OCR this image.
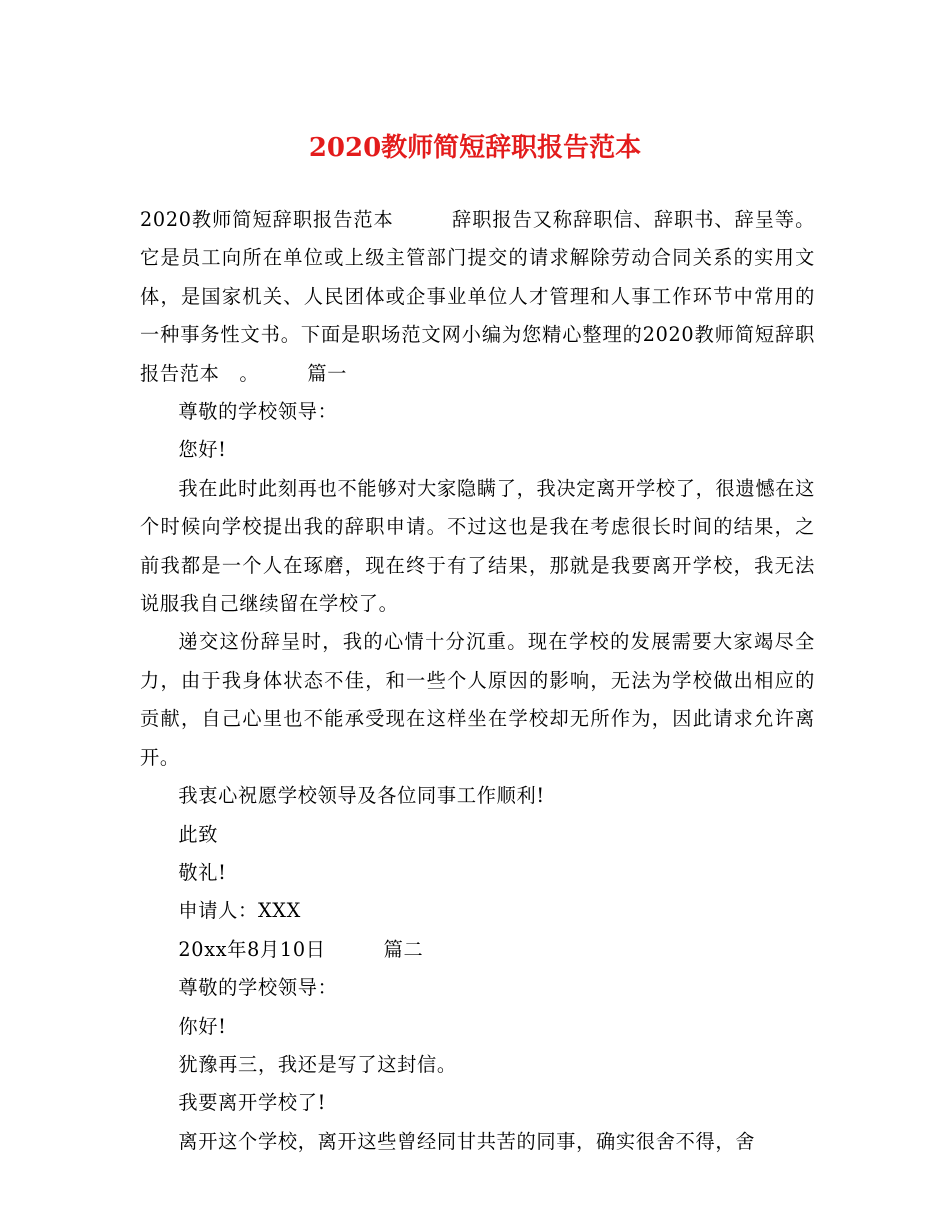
2020教师简短辞职报告范本

2020教师简短辞职报告范本	辞职报告又称辞职信、辞职书、辞呈等。它是员工向所在单位或上级主管部门提交的请求解除劳动合同关系的实用文体，是国家机关、人民团体或企事业单位人才管理和人事工作环节中常用的一种事务性文书。下面是职场范文网小编为您精心整理的2020教师简短辞职报告范本　。	篇一

尊敬的学校领导：

您好!

我在此时此刻再也不能够对大家隐瞒了，我决定离开学校了，很遗憾在这个时候向学校提出我的辞职申请。不过这也是我在考虑很长时间的结果，之前我都是一个人在琢磨，现在终于有了结果，那就是我要离开学校，我无法说服我自己继续留在学校了。

递交这份辞呈时，我的心情十分沉重。现在学校的发展需要大家竭尽全力，由于我身体状态不佳，和一些个人原因的影响，无法为学校做出相应的贡献，自己心里也不能承受现在这样坐在学校却无所作为，因此请求允许离开。

我衷心祝愿学校领导及各位同事工作顺利!

此致

敬礼!

申请人：XXX

20xx年8月10日	篇二

尊敬的学校领导：

你好!

犹豫再三，我还是写了这封信。

我要离开学校了!

离开这个学校，离开这些曾经同甘共苦的同事，确实很舍不得，舍
